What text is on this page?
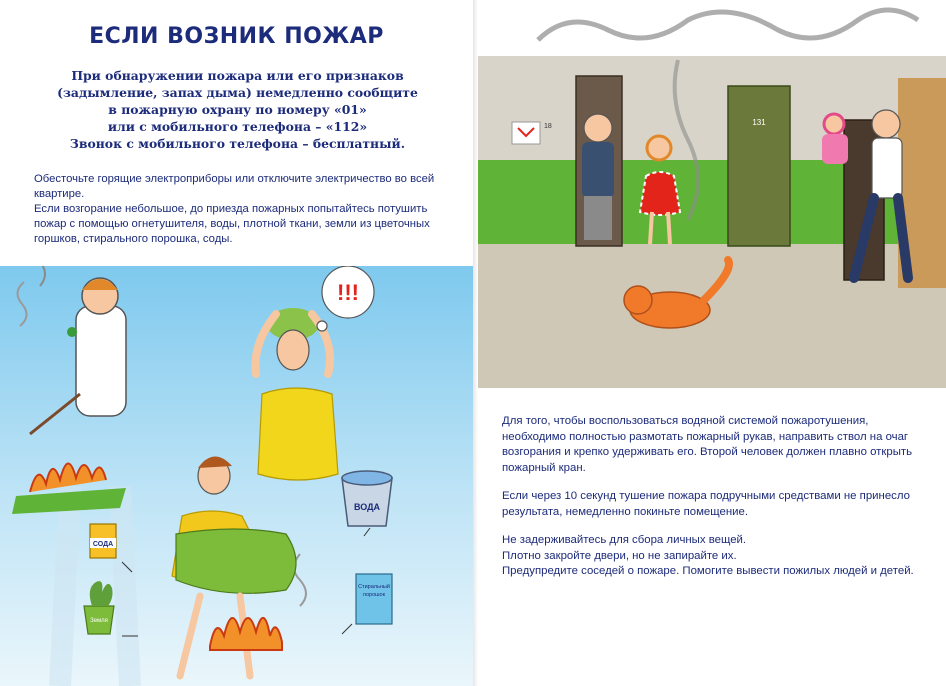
ЕСЛИ ВОЗНИК ПОЖАР
При обнаружении пожара или его признаков
(задымление, запах дыма) немедленно сообщите
в пожарную охрану по номеру «01»
или с мобильного телефона – «112»
Звонок с мобильного телефона – бесплатный.

Обесточьте горящие электроприборы или отключите электричество во всей квартире.

Если возгорание небольшое, до приезда пожарных попытайтесь потушить пожар с помощью огнетушителя, воды, плотной ткани, земли из цветочных горшков, стирального порошка, соды.

!!!
ВОДА
СОДА
Стиральный
порошок
Земля
18	131

Для того, чтобы воспользоваться водяной системой пожаротушения, необходимо полностью размотать пожарный рукав, направить ствол на очаг возгорания и крепко удерживать его. Второй человек должен плавно открыть пожарный кран.

Если через 10 секунд тушение пожара подручными средствами не принесло результата, немедленно покиньте помещение.

Не задерживайтесь для сбора личных вещей.
Плотно закройте двери, но не запирайте их.
Предупредите соседей о пожаре. Помогите вывести пожилых людей и детей.
